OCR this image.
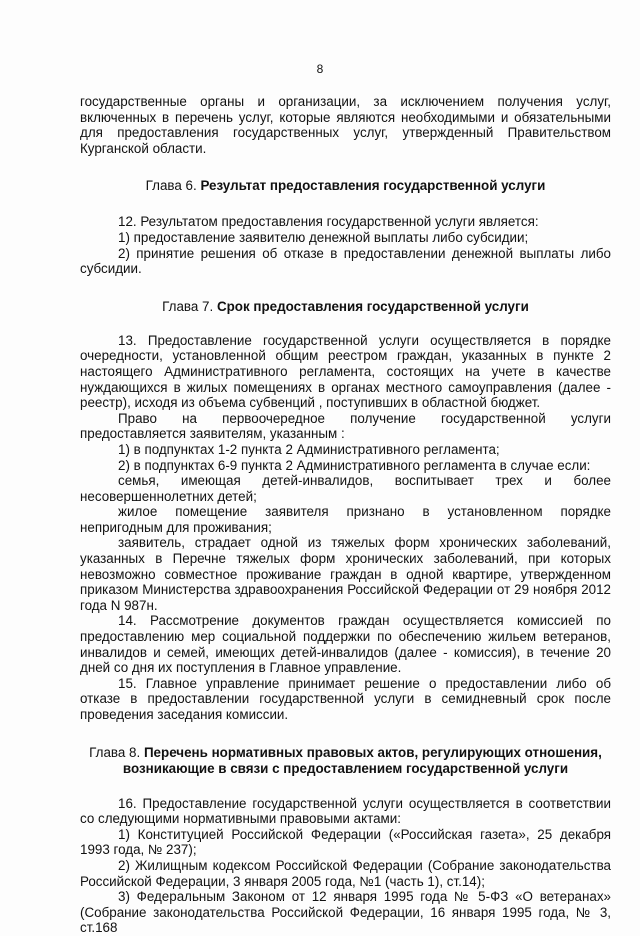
8

государственные органы и организации, за исключением получения услуг, включенных в перечень услуг, которые являются необходимыми и обязательными для предоставления государственных услуг, утвержденный Правительством Курганской области.

Глава 6. Результат предоставления государственной услуги

12. Результатом предоставления государственной услуги является:

1) предоставление заявителю денежной выплаты либо субсидии;

2) принятие решения об отказе в предоставлении денежной выплаты либо субсидии.

Глава 7. Срок предоставления государственной услуги

13. Предоставление государственной услуги осуществляется в порядке очередности, установленной общим реестром граждан, указанных в пункте 2 настоящего Административного регламента, состоящих на учете в качестве нуждающихся в жилых помещениях в органах местного самоуправления (далее - реестр), исходя из объема субвенций , поступивших в областной бюджет.

Право на первоочередное получение государственной услуги предоставляется заявителям, указанным :

1) в подпунктах 1-2 пункта 2 Административного регламента;

2) в подпунктах 6-9 пункта 2 Административного регламента в случае если:

семья, имеющая детей-инвалидов, воспитывает трех и более несовершеннолетних детей;

жилое помещение заявителя признано в установленном порядке непригодным для проживания;

заявитель, страдает одной из тяжелых форм хронических заболеваний, указанных в Перечне тяжелых форм хронических заболеваний, при которых невозможно совместное проживание граждан в одной квартире, утвержденном приказом Министерства здравоохранения Российской Федерации от 29 ноября 2012 года N 987н.

14. Рассмотрение документов граждан осуществляется комиссией по предоставлению мер социальной поддержки по обеспечению жильем ветеранов, инвалидов и семей, имеющих детей-инвалидов (далее - комиссия), в течение 20 дней со дня их поступления в Главное управление.

15. Главное управление принимает решение о предоставлении либо об отказе в предоставлении государственной услуги в семидневный срок после проведения заседания комиссии.

Глава 8. Перечень нормативных правовых актов, регулирующих отношения,

возникающие в связи с предоставлением государственной услуги

16. Предоставление государственной услуги осуществляется в соответствии со следующими нормативными правовыми актами:

1) Конституцией Российской Федерации («Российская газета», 25 декабря 1993 года, № 237);

2) Жилищным кодексом Российской Федерации (Собрание законодательства Российской Федерации, 3 января 2005 года, №1 (часть 1), ст.14);

3) Федеральным Законом от 12 января 1995 года № 5-ФЗ «О ветеранах» (Собрание законодательства Российской Федерации, 16 января 1995 года, № 3, ст.168
